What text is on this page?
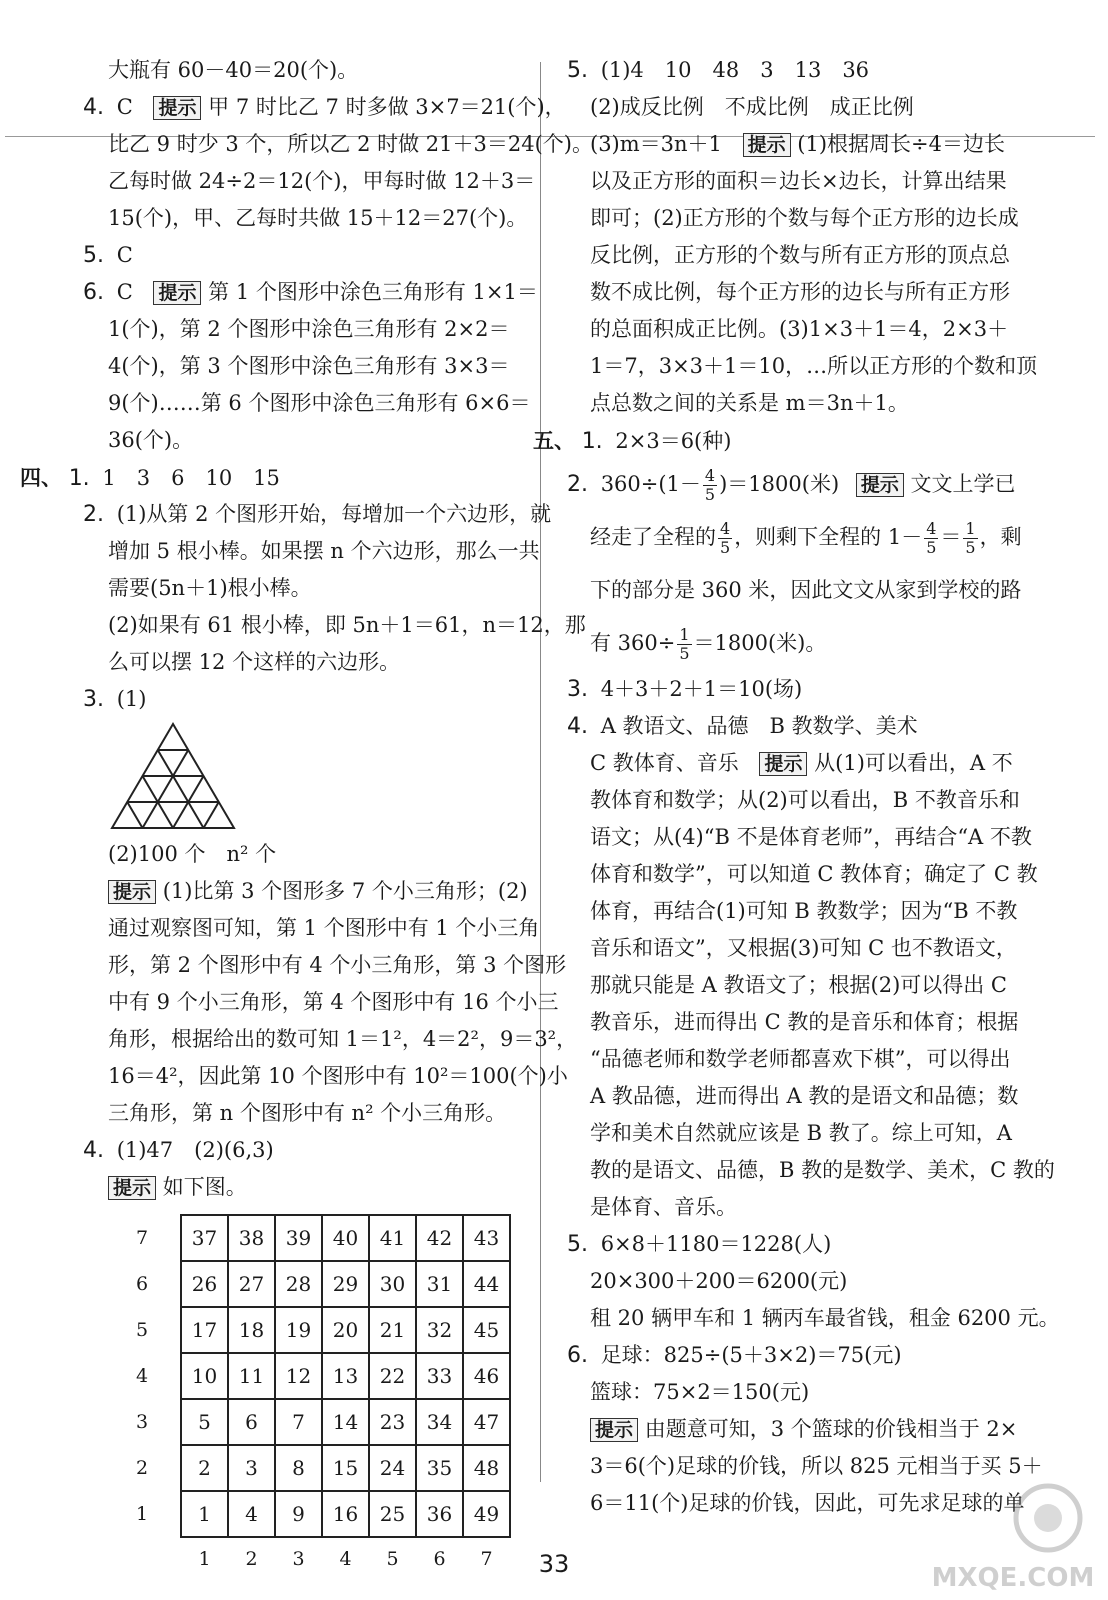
大瓶有 60－40＝20(个)。
4. C 提示 甲 7 时比乙 7 时多做 3×7＝21(个)，
比乙 9 时少 3 个，所以乙 2 时做 21＋3＝24(个)。
乙每时做 24÷2＝12(个)，甲每时做 12＋3＝
15(个)，甲、乙每时共做 15＋12＝27(个)。
5. C
6. C 提示 第 1 个图形中涂色三角形有 1×1＝
1(个)，第 2 个图形中涂色三角形有 2×2＝
4(个)，第 3 个图形中涂色三角形有 3×3＝
9(个)……第 6 个图形中涂色三角形有 6×6＝
36(个)。
四、 1. 1　3　6　10　15
2. (1)从第 2 个图形开始，每增加一个六边形，就
增加 5 根小棒。如果摆 n 个六边形，那么一共
需要(5n＋1)根小棒。
(2)如果有 61 根小棒，即 5n＋1＝61，n＝12，那
么可以摆 12 个这样的六边形。
3. (1)
(2)100 个　n² 个
提示 (1)比第 3 个图形多 7 个小三角形；(2)
通过观察图可知，第 1 个图形中有 1 个小三角
形，第 2 个图形中有 4 个小三角形，第 3 个图形
中有 9 个小三角形，第 4 个图形中有 16 个小三
角形，根据给出的数可知 1＝1²，4＝2²，9＝3²，
16＝4²，因此第 10 个图形中有 10²＝100(个)小
三角形，第 n 个图形中有 n² 个小三角形。
4. (1)47　(2)(6,3)
提示 如下图。
7	37	38	39	40	41	42	43
6	26	27	28	29	30	31	44
5	17	18	19	20	21	32	45
4	10	11	12	13	22	33	46
3	5	6	7	14	23	34	47
2	2	3	8	15	24	35	48
1	1	4	9	16	25	36	49
	1	2	3	4	5	6	7
5. (1)4　10　48　3　13　36
(2)成反比例　不成比例　成正比例
(3)m＝3n＋1 提示 (1)根据周长÷4＝边长
以及正方形的面积＝边长×边长，计算出结果
即可；(2)正方形的个数与每个正方形的边长成
反比例，正方形的个数与所有正方形的顶点总
数不成比例，每个正方形的边长与所有正方形
的总面积成正比例。(3)1×3＋1＝4，2×3＋
1＝7，3×3＋1＝10，…所以正方形的个数和顶
点总数之间的关系是 m＝3n＋1。
五、 1. 2×3＝6(种)
2. $360\div(1- \frac{4}{5} )=1800$(米) 提示 文文上学已
经走了全程的 $\frac{4}{5}$ ，则剩下全程的 $1- \frac{4}{5} = \frac{1}{5}$ ，剩
下的部分是 360 米，因此文文从家到学校的路
有 $360\div \frac{1}{5} =1800$(米)。
3. 4＋3＋2＋1＝10(场)
4. A 教语文、品德　B 教数学、美术
C 教体育、音乐 提示 从(1)可以看出，A 不
教体育和数学；从(2)可以看出，B 不教音乐和
语文；从(4)“B 不是体育老师”，再结合“A 不教
体育和数学”，可以知道 C 教体育；确定了 C 教
体育，再结合(1)可知 B 教数学；因为“B 不教
音乐和语文”，又根据(3)可知 C 也不教语文，
那就只能是 A 教语文了；根据(2)可以得出 C
教音乐，进而得出 C 教的是音乐和体育；根据
“品德老师和数学老师都喜欢下棋”，可以得出
A 教品德，进而得出 A 教的是语文和品德；数
学和美术自然就应该是 B 教了。综上可知，A
教的是语文、品德，B 教的是数学、美术，C 教的
是体育、音乐。
5. 6×8＋1180＝1228(人)
20×300＋200＝6200(元)
租 20 辆甲车和 1 辆丙车最省钱，租金 6200 元。
6. 足球：825÷(5＋3×2)＝75(元)
篮球：75×2＝150(元)
提示 由题意可知，3 个篮球的价钱相当于 2×
3＝6(个)足球的价钱，所以 825 元相当于买 5＋
6＝11(个)足球的价钱，因此，可先求足球的单
33	MXQE.COM
